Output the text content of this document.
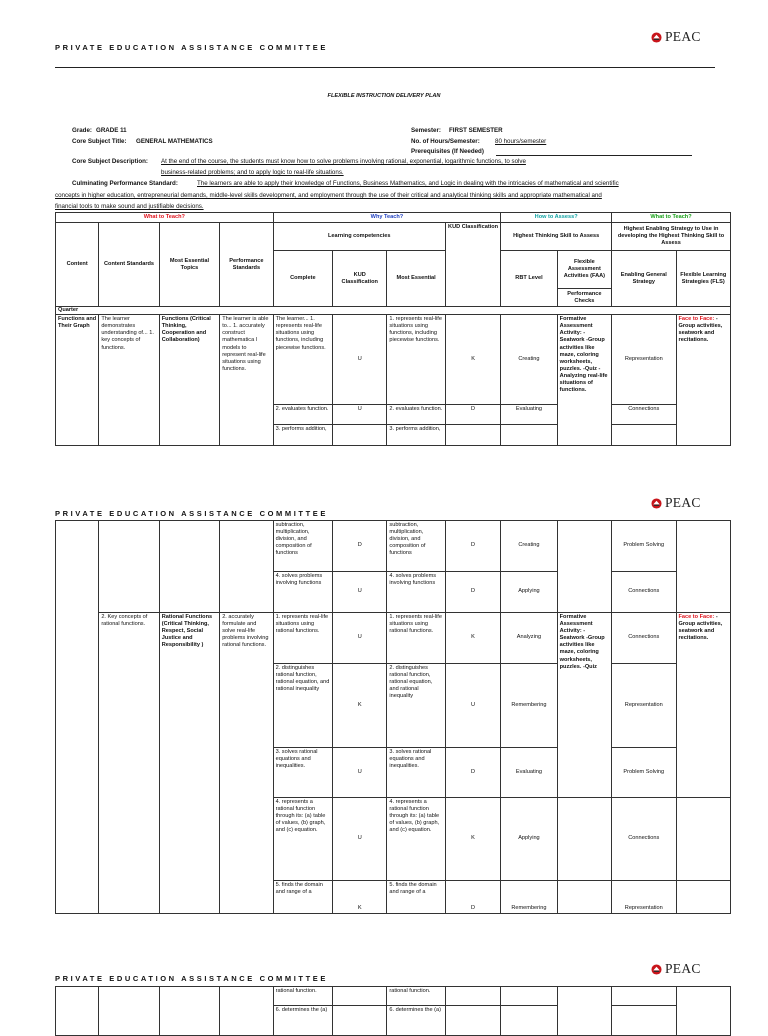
PRIVATE EDUCATION ASSISTANCE COMMITTEE
PEAC
FLEXIBLE INSTRUCTION DELIVERY PLAN
Grade: GRADE 11
Core Subject Title: GENERAL MATHEMATICS
Semester: FIRST SEMESTER
No. of Hours/Semester: 80 hours/semester
Prerequisites (If Needed)
Core Subject Description: At the end of the course, the students must know how to solve problems involving rational, exponential, logarithmic functions, to solve
business-related problems; and to apply logic to real-life situations.
Culminating Performance Standard:	The learners are able to apply their knowledge of Functions, Business Mathematics, and Logic in dealing with the intricacies of mathematical and scientific
concepts in higher education, entrepreneurial demands, middle-level skills development, and employment through the use of their critical and analytical thinking skills and appropriate mathematical and
financial tools to make sound and justifiable decisions.
What to Teach?				Why Teach?				How to Assess?		What to Teach?	
Content	Content Standards	Most Essential Topics	Performance Standards	Learning competencies			KUD Classification	Highest Thinking Skill to Assess		Highest Enabling Strategy to Use in developing the Highest Thinking Skill to Assess	
				Complete	KUD Classification	Most Essential		RBT Level	Flexible Assessment Activities (FAA)	Enabling General Strategy	Flexible Learning Strategies (FLS)
									Performance Checks		
Quarter											
Functions and Their Graph	The learner demonstrates understanding of... 1. key concepts of functions.	Functions (Critical Thinking, Cooperation and Collaboration)	The learner is able to... 1. accurately construct mathematica l models to represent real-life situations using functions.	The learner... 1. represents real-life situations using functions, including piecewise functions.	U	1. represents real-life situations using functions, including piecewise functions.	K	Creating	Formative Assessment Activity: -Seatwork -Group activities like maze, coloring worksheets, puzzles. -Quiz -Analyzing real-life situations of functions.	Representation	Face to Face: -Group activities, seatwork and recitations.
				2. evaluates function.	U	2. evaluates function.	D	Evaluating		Connections	
				3. performs addition,		3. performs addition,					
PRIVATE EDUCATION ASSISTANCE COMMITTEE
PEAC
				subtraction, multiplication, division, and composition of functions	D	subtraction, multiplication, division, and composition of functions	D	Creating		Problem Solving	
				4. solves problems involving functions	U	4. solves problems involving functions	D	Applying		Connections	
	2. Key concepts of rational functions.	Rational Functions (Critical Thinking, Respect, Social Justice and Responsibility )	2. accurately formulate and solve real-life problems involving rational functions.	1. represents real-life situations using rational functions.	U	1. represents real-life situations using rational functions.	K	Analyzing	Formative Assessment Activity: -Seatwork -Group activities like maze, coloring worksheets, puzzles. -Quiz	Connections	Face to Face: -Group activities, seatwork and recitations.
				2. distinguishes rational function, rational equation, and rational inequality	K	2. distinguishes rational function, rational equation, and rational inequality	U	Remembering		Representation	
				3. solves rational equations and inequalities.	U	3. solves rational equations and inequalities.	D	Evaluating		Problem Solving	
				4. represents a rational function through its: (a) table of values, (b) graph, and (c) equation.	U	4. represents a rational function through its: (a) table of values, (b) graph, and (c) equation.	K	Applying		Connections	
				5. finds the domain and range of a	K	5. finds the domain and range of a	D	Remembering		Representation	
PRIVATE EDUCATION ASSISTANCE COMMITTEE
PEAC
				rational function.		rational function.					
				6. determines the (a)		6. determines the (a)					
